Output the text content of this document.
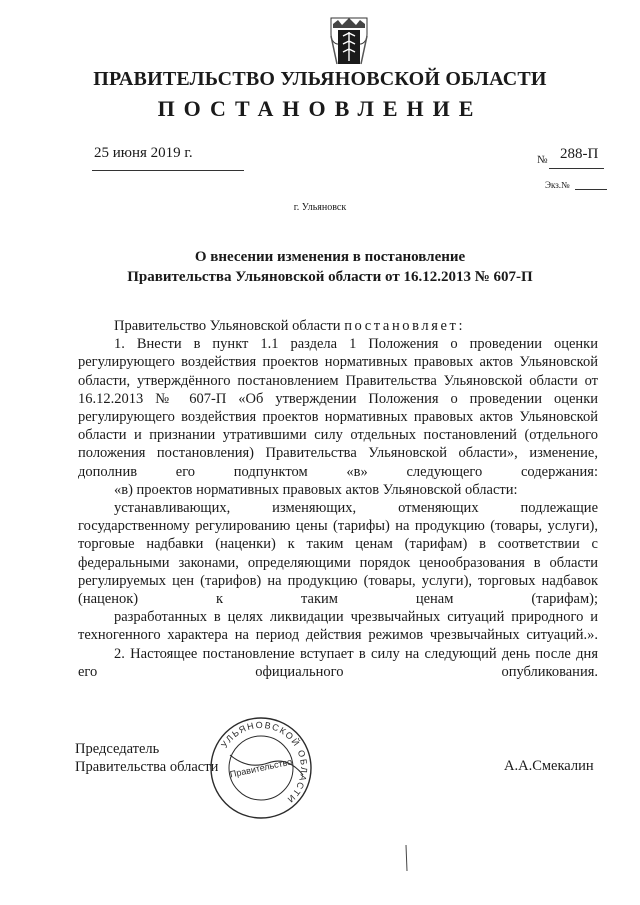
ПРАВИТЕЛЬСТВО УЛЬЯНОВСКОЙ ОБЛАСТИ
ПОСТАНОВЛЕНИЕ
25 июня 2019 г.	№ 288-П
Экз.№
г. Ульяновск
О внесении изменения в постановление
Правительства Ульяновской области от 16.12.2013 № 607-П

Правительство Ульяновской области постановляет:

1. Внести в пункт 1.1 раздела 1 Положения о проведении оценки регулирующего воздействия проектов нормативных правовых актов Ульяновской области, утверждённого постановлением Правительства Ульяновской области от 16.12.2013 № 607-П «Об утверждении Положения о проведении оценки регулирующего воздействия проектов нормативных правовых актов Ульяновской области и признании утратившими силу отдельных постановлений (отдельного положения постановления) Правительства Ульяновской области», изменение, дополнив его подпунктом «в» следующего содержания:

«в) проектов нормативных правовых актов Ульяновской области:

устанавливающих, изменяющих, отменяющих подлежащие государственному регулированию цены (тарифы) на продукцию (товары, услуги), торговые надбавки (наценки) к таким ценам (тарифам) в соответствии с федеральными законами, определяющими порядок ценообразования в области регулируемых цен (тарифов) на продукцию (товары, услуги), торговых надбавок (наценок) к таким ценам (тарифам);

разработанных в целях ликвидации чрезвычайных ситуаций природного и техногенного характера на период действия режимов чрезвычайных ситуаций.».

2. Настоящее постановление вступает в силу на следующий день после дня его официального опубликования.

Председатель
Правительства области	А.А.Смекалин
УЛЬЯНОВСКОЙ ОБЛАСТИ
Правительство
